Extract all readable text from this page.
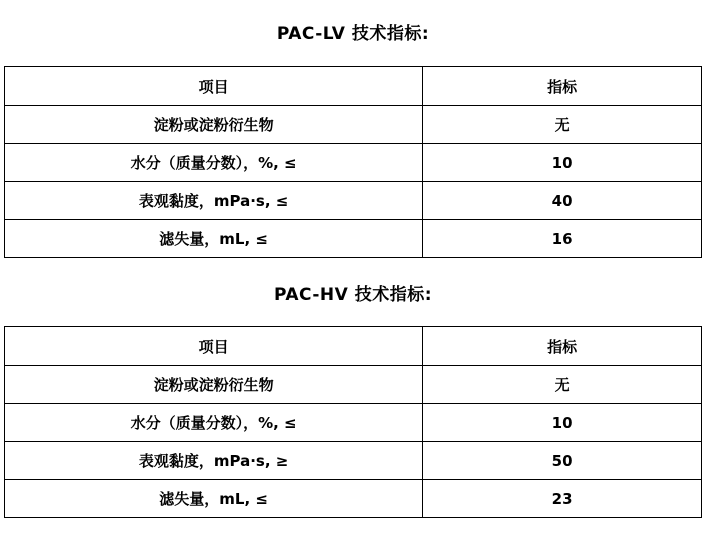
PAC-LV 技术指标:
项目	指标
淀粉或淀粉衍生物	无
水分（质量分数），%, ≤	10
表观黏度，mPa·s, ≤	40
滤失量，mL, ≤	16
PAC-HV 技术指标:
项目	指标
淀粉或淀粉衍生物	无
水分（质量分数），%, ≤	10
表观黏度，mPa·s, ≥	50
滤失量，mL, ≤	23
